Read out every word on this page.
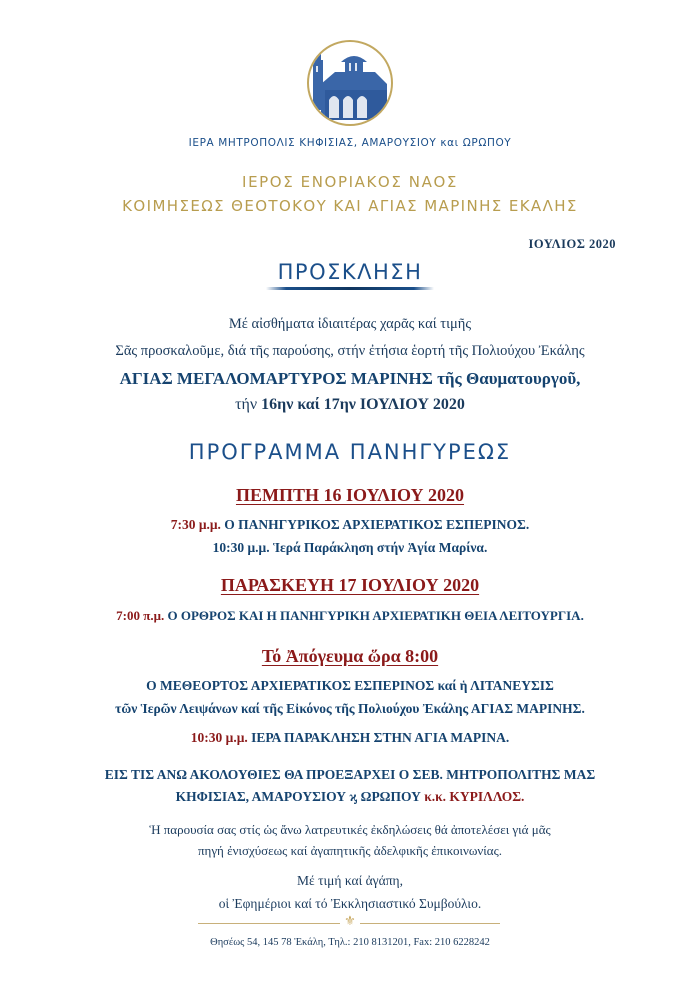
ΙΕΡΑ ΜΗΤΡΟΠΟΛΙΣ ΚΗΦΙΣΙΑΣ, ΑΜΑΡΟΥΣΙΟΥ και ΩΡΩΠΟΥ
ΙΕΡΟΣ ΕΝΟΡΙΑΚΟΣ ΝΑΟΣ
ΚΟΙΜΗΣΕΩΣ ΘΕΟΤΟΚΟΥ ΚΑΙ ΑΓΙΑΣ ΜΑΡΙΝΗΣ ΕΚΑΛΗΣ
ΙΟΥΛΙΟΣ 2020
ΠΡΟΣΚΛΗΣΗ
Μέ αἰσθήματα ἰδιαιτέρας χαρᾶς καί τιμῆς
Σᾶς προσκαλοῦμε, διά τῆς παρούσης, στήν ἐτήσια ἑορτή τῆς Πολιούχου Ἐκάλης
ΑΓΙΑΣ ΜΕΓΑΛΟΜΑΡΤΥΡΟΣ ΜΑΡΙΝΗΣ τῆς Θαυματουργοῦ,
τήν 16ην καί 17ην ΙΟΥΛΙΟΥ 2020
ΠΡΟΓΡΑΜΜΑ ΠΑΝΗΓΥΡΕΩΣ
ΠΕΜΠΤΗ 16 ΙΟΥΛΙΟΥ 2020
7:30 μ.μ. Ο ΠΑΝΗΓΥΡΙΚΟΣ ΑΡΧΙΕΡΑΤΙΚΟΣ ΕΣΠΕΡΙΝΟΣ.
10:30 μ.μ. Ἱερά Παράκληση στήν Ἁγία Μαρίνα.
ΠΑΡΑΣΚΕΥΗ 17 ΙΟΥΛΙΟΥ 2020
7:00 π.μ. Ο ΟΡΘΡΟΣ ΚΑΙ Η ΠΑΝΗΓΥΡΙΚΗ ΑΡΧΙΕΡΑΤΙΚΗ ΘΕΙΑ ΛΕΙΤΟΥΡΓΙΑ.
Τό Ἀπόγευμα ὥρα 8:00
Ο ΜΕΘΕΟΡΤΟΣ ΑΡΧΙΕΡΑΤΙΚΟΣ ΕΣΠΕΡΙΝΟΣ καί ἡ ΛΙΤΑΝΕΥΣΙΣ
τῶν Ἱερῶν Λειψάνων καί τῆς Εἰκόνος τῆς Πολιούχου Ἐκάλης ΑΓΙΑΣ ΜΑΡΙΝΗΣ.
10:30 μ.μ. ΙΕΡΑ ΠΑΡΑΚΛΗΣΗ ΣΤΗΝ ΑΓΙΑ ΜΑΡΙΝΑ.
ΕΙΣ ΤΙΣ ΑΝΩ ΑΚΟΛΟΥΘΙΕΣ ΘΑ ΠΡΟΕΞΑΡΧΕΙ Ο ΣΕΒ. ΜΗΤΡΟΠΟΛΙΤΗΣ ΜΑΣ
ΚΗΦΙΣΙΑΣ, ΑΜΑΡΟΥΣΙΟΥ ϗ ΩΡΩΠΟΥ κ.κ. ΚΥΡΙΛΛΟΣ.
Ἡ παρουσία σας στίς ὡς ἄνω λατρευτικές ἐκδηλώσεις θά ἀποτελέσει γιά μᾶς
πηγή ἐνισχύσεως καί ἀγαπητικῆς ἀδελφικῆς ἐπικοινωνίας.
Μέ τιμή καί ἀγάπη,
οἱ Ἐφημέριοι καί τό Ἐκκλησιαστικό Συμβούλιο.
⚜
Θησέως 54, 145 78 Ἐκάλη, Τηλ.: 210 8131201, Fax: 210 6228242
